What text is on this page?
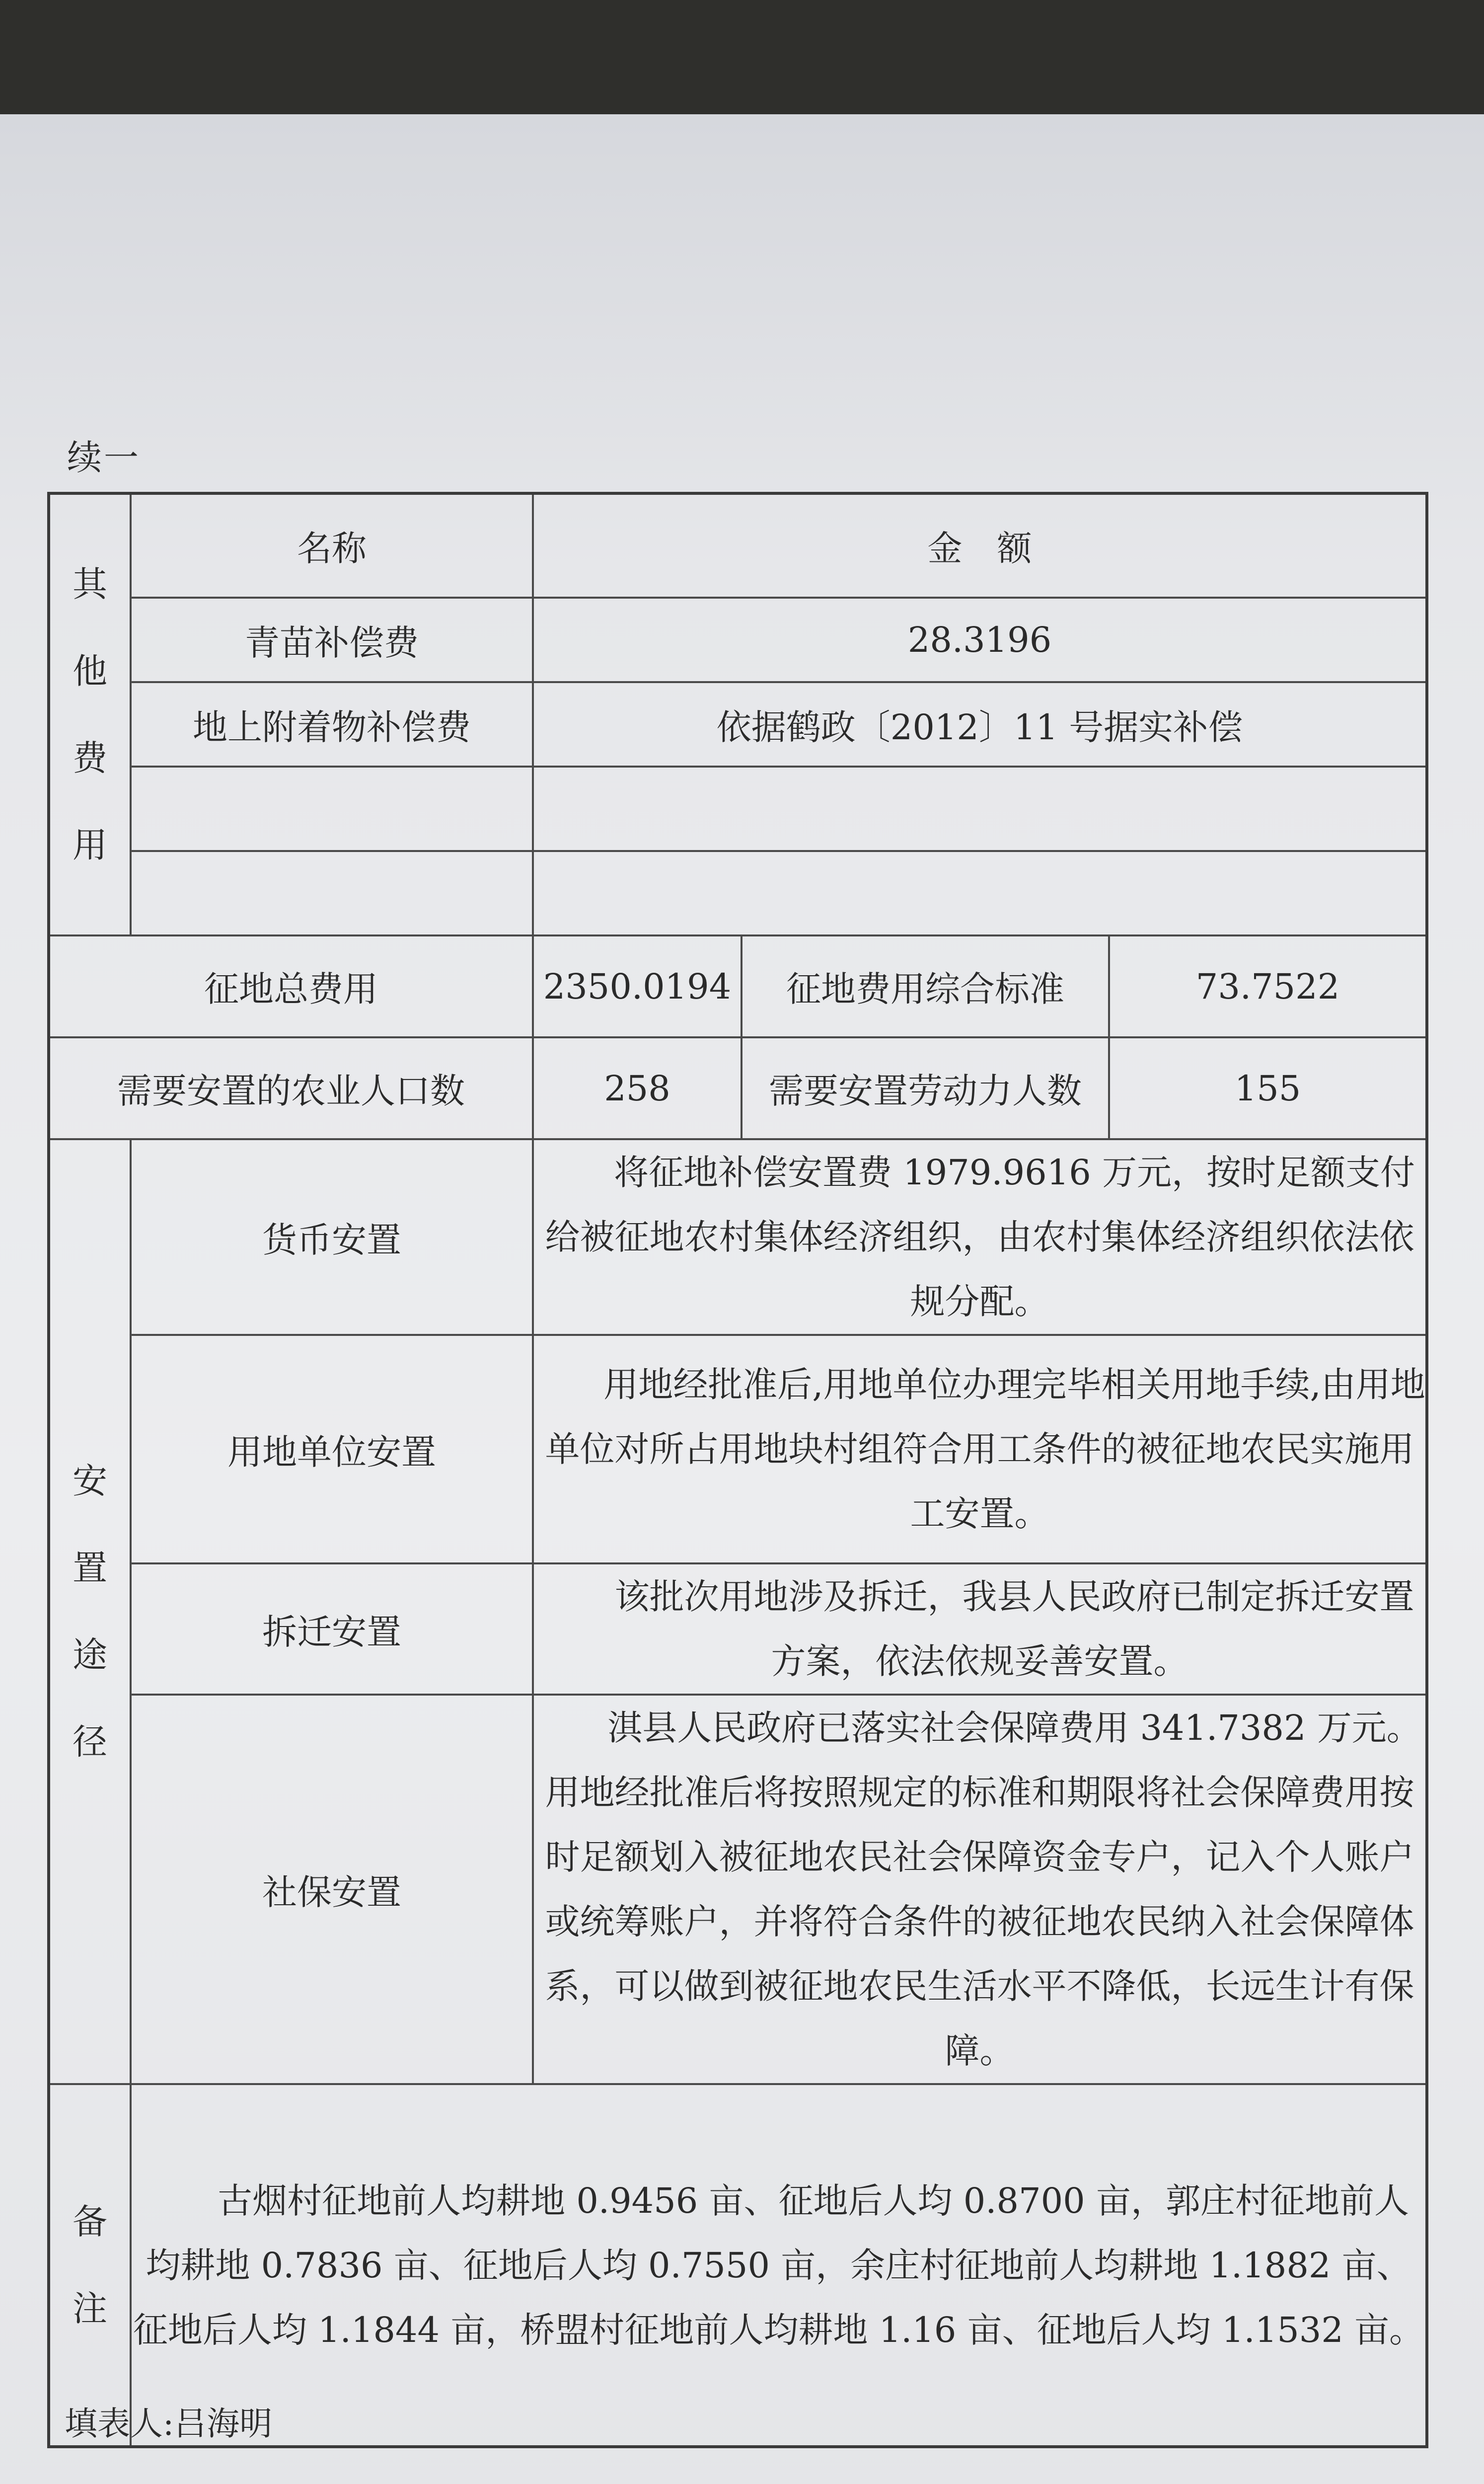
续一
其
他
费
用	名称	金　额		
	青苗补偿费	28.3196		
	地上附着物补偿费	依据鹤政〔2012〕11 号据实补偿		

征地总费用		2350.0194	征地费用综合标准	73.7522
需要安置的农业人口数		258	需要安置劳动力人数	155

安
置
途
径	货币安置	将征地补偿安置费 1979.9616 万元，按时足额支付给被征地农村集体经济组织，由农村集体经济组织依法依规分配。		
	用地单位安置	用地经批准后,用地单位办理完毕相关用地手续,由用地单位对所占用地块村组符合用工条件的被征地农民实施用工安置。		
	拆迁安置	该批次用地涉及拆迁，我县人民政府已制定拆迁安置方案，依法依规妥善安置。		
	社保安置	淇县人民政府已落实社会保障费用 341.7382 万元。用地经批准后将按照规定的标准和期限将社会保障费用按时足额划入被征地农民社会保障资金专户，记入个人账户或统筹账户，并将符合条件的被征地农民纳入社会保障体系，可以做到被征地农民生活水平不降低，长远生计有保障。		

备
注	古烟村征地前人均耕地 0.9456 亩、征地后人均 0.8700 亩，郭庄村征地前人均耕地 0.7836 亩、征地后人均 0.7550 亩，余庄村征地前人均耕地 1.1882 亩、征地后人均 1.1844 亩，桥盟村征地前人均耕地 1.16 亩、征地后人均 1.1532 亩。			
填表人:吕海明
